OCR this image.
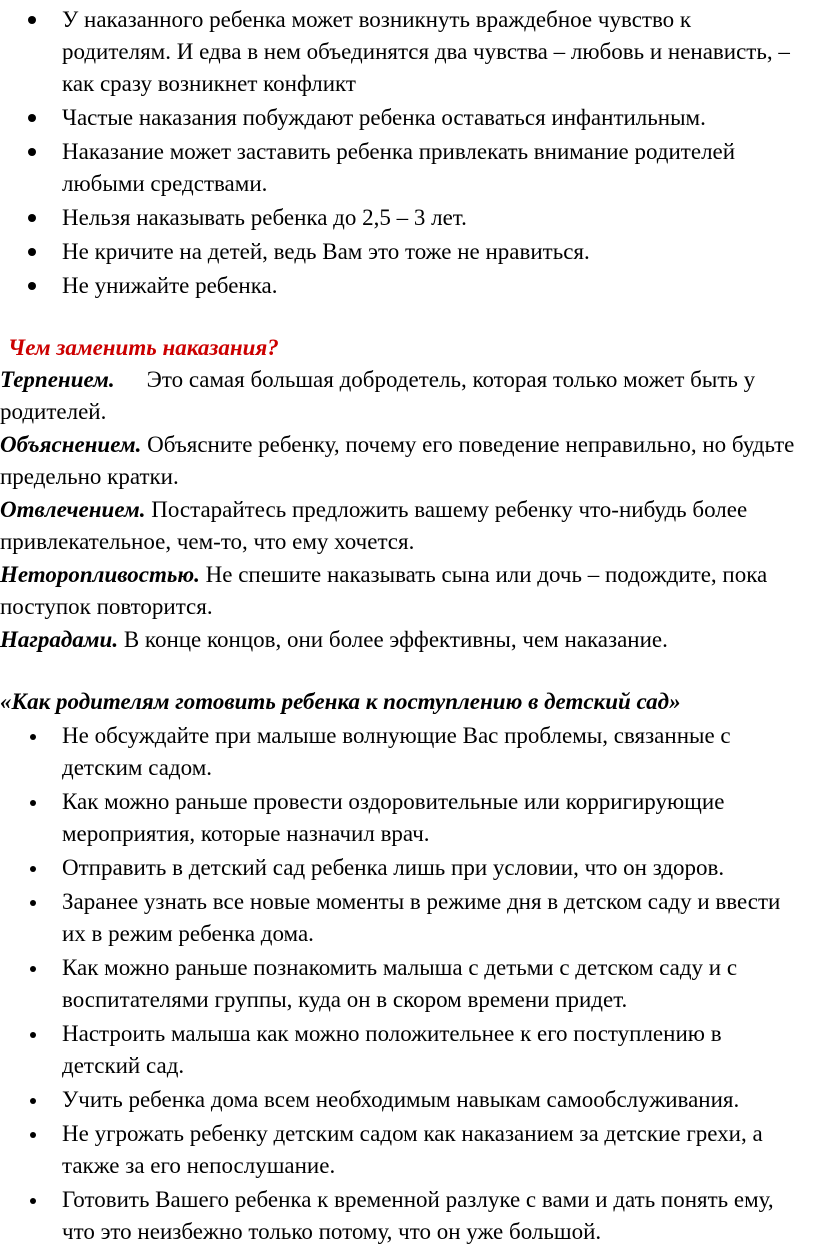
У наказанного ребенка может возникнуть враждебное чувство к родителям. И едва в нем объединятся два чувства – любовь и ненависть, – как сразу возникнет конфликт
Частые наказания побуждают ребенка оставаться инфантильным.
Наказание может заставить ребенка привлекать внимание родителей любыми средствами.
Нельзя наказывать ребенка до 2,5 – 3 лет.
Не кричите на детей, ведь Вам это тоже не нравиться.
Не унижайте ребенка.
Чем заменить наказания?

Терпением. Это самая большая добродетель, которая только может быть у родителей.

Объяснением. Объясните ребенку, почему его поведение неправильно, но будьте предельно кратки.

Отвлечением. Постарайтесь предложить вашему ребенку что-нибудь более привлекательное, чем-то, что ему хочется.

Неторопливостью. Не спешите наказывать сына или дочь – подождите, пока поступок повторится.

Наградами. В конце концов, они более эффективны, чем наказание.

«Как родителям готовить ребенка к поступлению в детский сад»
Не обсуждайте при малыше волнующие Вас проблемы, связанные с детским садом.
Как можно раньше провести оздоровительные или корригирующие мероприятия, которые назначил врач.
Отправить в детский сад ребенка лишь при условии, что он здоров.
Заранее узнать все новые моменты в режиме дня в детском саду и ввести их в режим ребенка дома.
Как можно раньше познакомить малыша с детьми с детском саду и с воспитателями группы, куда он в скором времени придет.
Настроить малыша как можно положительнее к его поступлению в детский сад.
Учить ребенка дома всем необходимым навыкам самообслуживания.
Не угрожать ребенку детским садом как наказанием за детские грехи, а также за его непослушание.
Готовить Вашего ребенка к временной разлуке с вами и дать понять ему, что это неизбежно только потому, что он уже большой.
